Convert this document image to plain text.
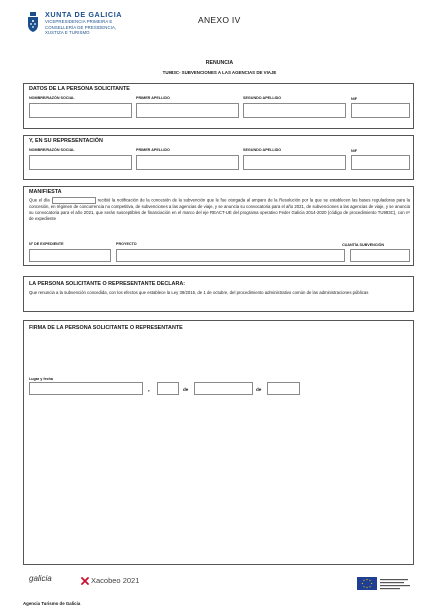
XUNTA DE GALICIA
VICEPRESIDENCIA PRIMEIRA E
CONSELLERÍA DE PRESIDENCIA,
XUSTIZA E TURISMO
ANEXO IV
RENUNCIA
TU983C- SUBVENCIONES A LAS AGENCIAS DE VIAJE
DATOS DE LA PERSONA SOLICITANTE
NOMBRE/RAZÓN SOCIAL	PRIMER APELLIDO	SEGUNDO APELLIDO	NIF
Y, EN SU REPRESENTACIÓN
NOMBRE/RAZÓN SOCIAL	PRIMER APELLIDO	SEGUNDO APELLIDO	NIF
MANIFIESTA
Que el día	recibió la notificación de la concesión de la subvención que le fue otorgada al amparo de la Resolución por la que se establecen las bases reguladoras para la concesión, en régimen de concurrencia no competitiva, de subvenciones a las agencias de viaje, y se anuncia su convocatoria para el año 2021, de subvenciones a las agencias de viaje, y se anuncia su convocatoria para el año 2021, que serán susceptibles de financiación en el marco del eje REACT-UE del programa operativo Feder Galicia 2014-2020 (código de procedimiento TU983C), con nº de expediente
Nº DE EXPEDIENTE	PROYECTO	CUANTÍA SUBVENCIÓN
LA PERSONA SOLICITANTE O REPRESENTANTE DECLARA:
Que renuncia a la subvención concedida, con los efectos que establece la Ley 39/2015, de 1 de octubre, del procedimiento administrativo común de las administraciones públicas
FIRMA DE LA PERSONA SOLICITANTE O REPRESENTANTE
Lugar y fecha
,	de	de
galicia	Xacobeo 2021
Agencia Turismo de Galicia
